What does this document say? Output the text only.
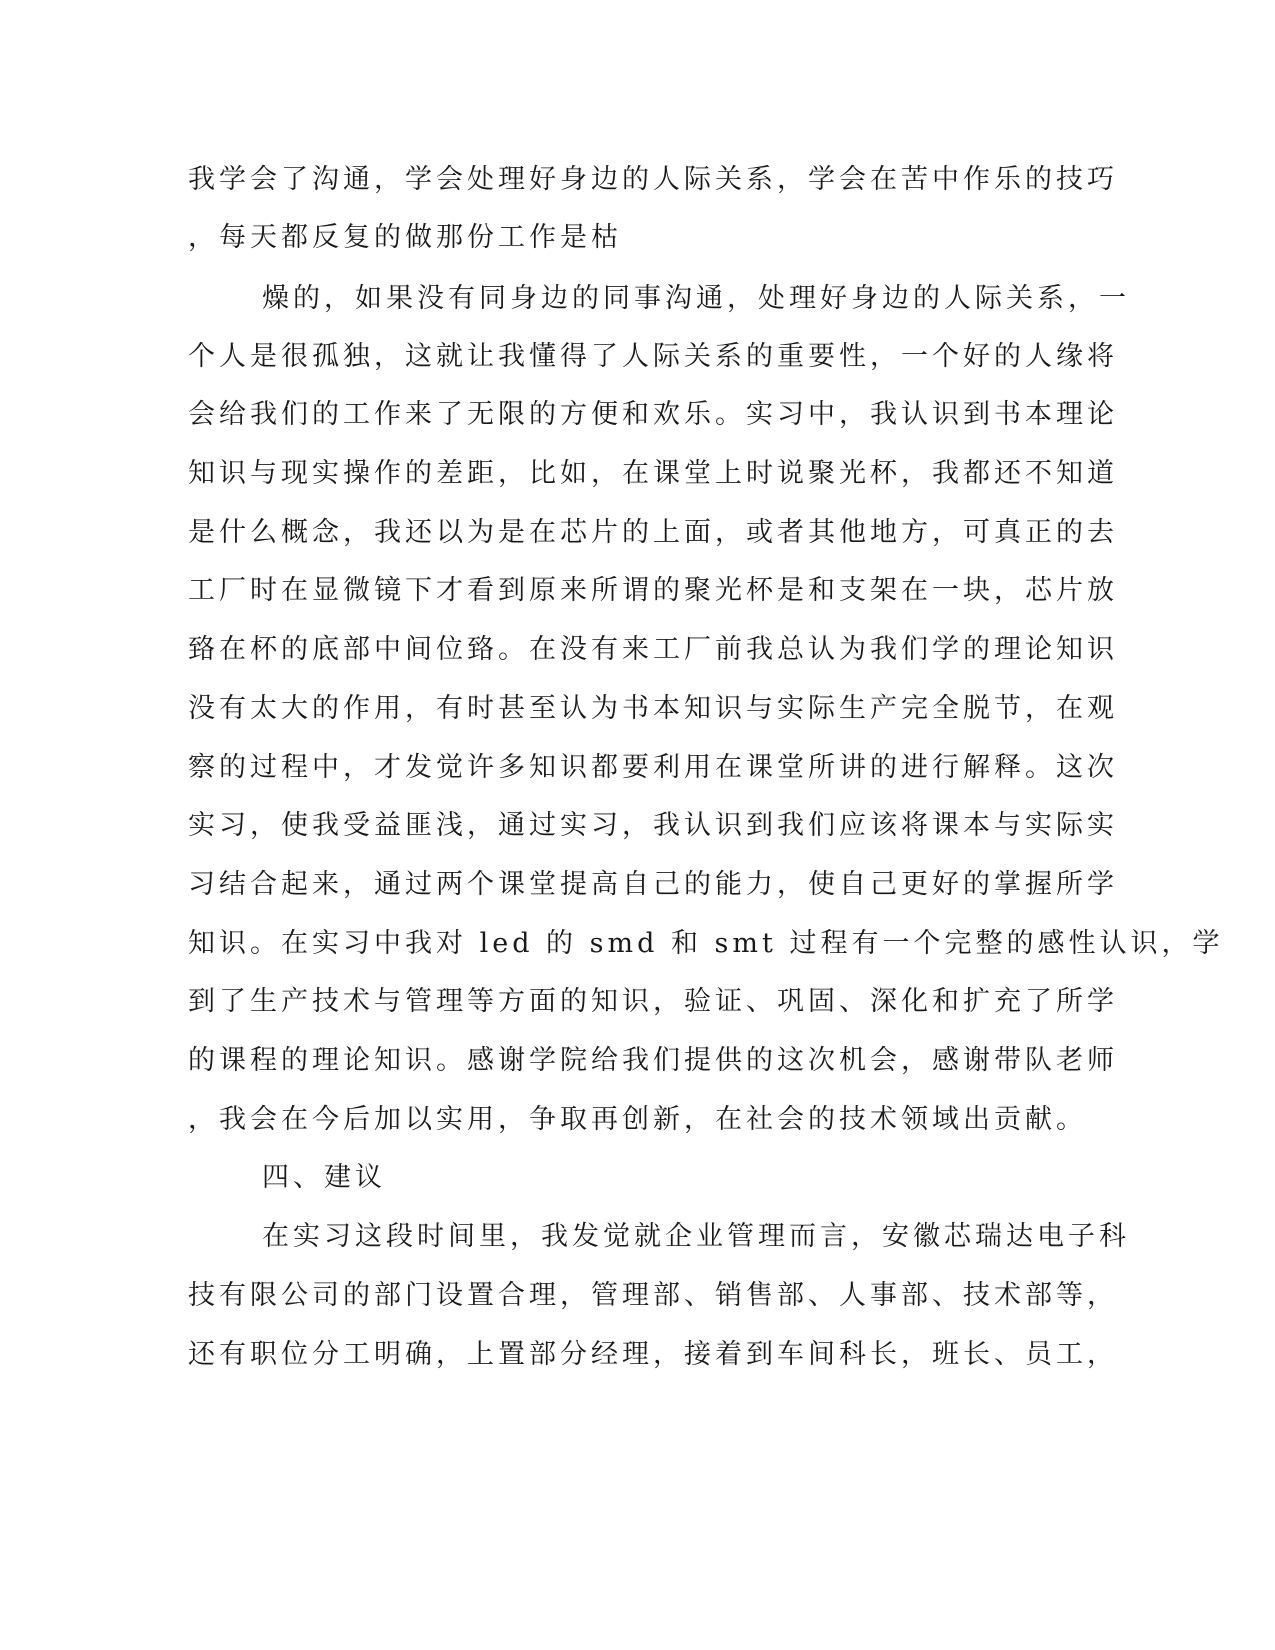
我学会了沟通，学会处理好身边的人际关系，学会在苦中作乐的技巧
，每天都反复的做那份工作是枯
燥的，如果没有同身边的同事沟通，处理好身边的人际关系，一
个人是很孤独，这就让我懂得了人际关系的重要性，一个好的人缘将
会给我们的工作来了无限的方便和欢乐。实习中，我认识到书本理论
知识与现实操作的差距，比如，在课堂上时说聚光杯，我都还不知道
是什么概念，我还以为是在芯片的上面，或者其他地方，可真正的去
工厂时在显微镜下才看到原来所谓的聚光杯是和支架在一块，芯片放
臵在杯的底部中间位臵。在没有来工厂前我总认为我们学的理论知识
没有太大的作用，有时甚至认为书本知识与实际生产完全脱节，在观
察的过程中，才发觉许多知识都要利用在课堂所讲的进行解释。这次
实习，使我受益匪浅，通过实习，我认识到我们应该将课本与实际实
习结合起来，通过两个课堂提高自己的能力，使自己更好的掌握所学
知识。在实习中我对 led 的 smd 和 smt 过程有一个完整的感性认识，学
到了生产技术与管理等方面的知识，验证、巩固、深化和扩充了所学
的课程的理论知识。感谢学院给我们提供的这次机会，感谢带队老师
，我会在今后加以实用，争取再创新，在社会的技术领域出贡献。
四、建议
在实习这段时间里，我发觉就企业管理而言，安徽芯瑞达电子科
技有限公司的部门设置合理，管理部、销售部、人事部、技术部等，
还有职位分工明确，上置部分经理，接着到车间科长，班长、员工，
